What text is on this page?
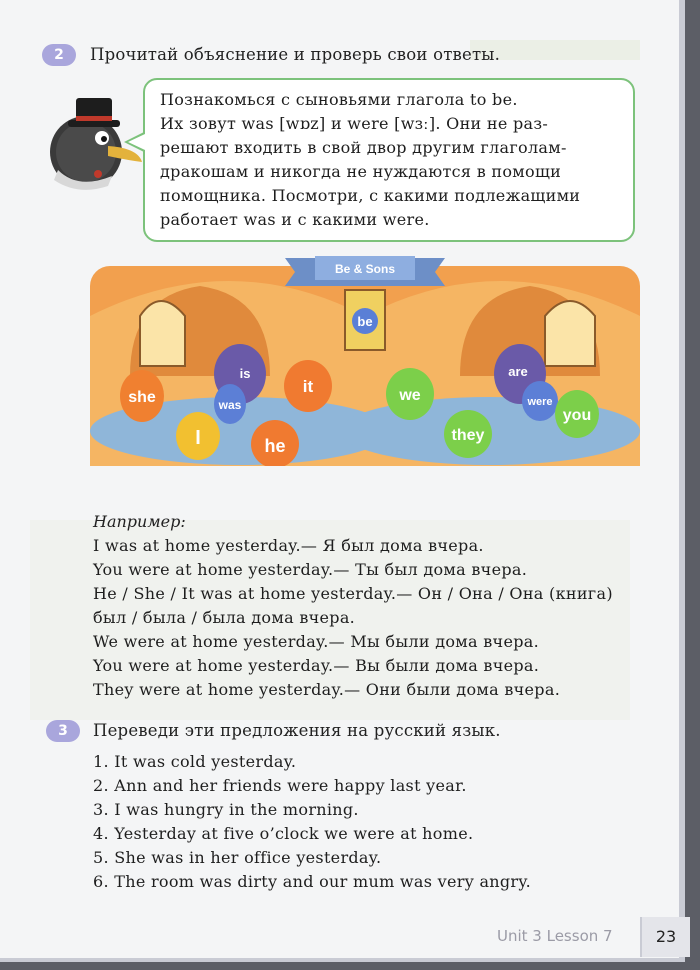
2	Прочитай объяснение и проверь свои ответы.
Познакомься с сыновьями глагола to be.
Их зовут was [wɒz] и were [wɜː]. Они не раз-
решают входить в свой двор другим глаголам-
дракошам и никогда не нуждаются в помощи
помощника. Посмотри, с какими подлежащими
работает was и с какими were.
Be & Sons
be
she
is
was
it
I	he
we
are
were
you
they
Например:
I was at home yesterday.— Я был дома вчера.
You were at home yesterday.— Ты был дома вчера.
He / She / It was at home yesterday.— Он / Она / Она (книга)
был / была / была дома вчера.
We were at home yesterday.— Мы были дома вчера.
You were at home yesterday.— Вы были дома вчера.
They were at home yesterday.— Они были дома вчера.
3	Переведи эти предложения на русский язык.
1. It was cold yesterday.
2. Ann and her friends were happy last year.
3. I was hungry in the morning.
4. Yesterday at five o’clock we were at home.
5. She was in her office yesterday.
6. The room was dirty and our mum was very angry.
Unit 3 Lesson 7	23
